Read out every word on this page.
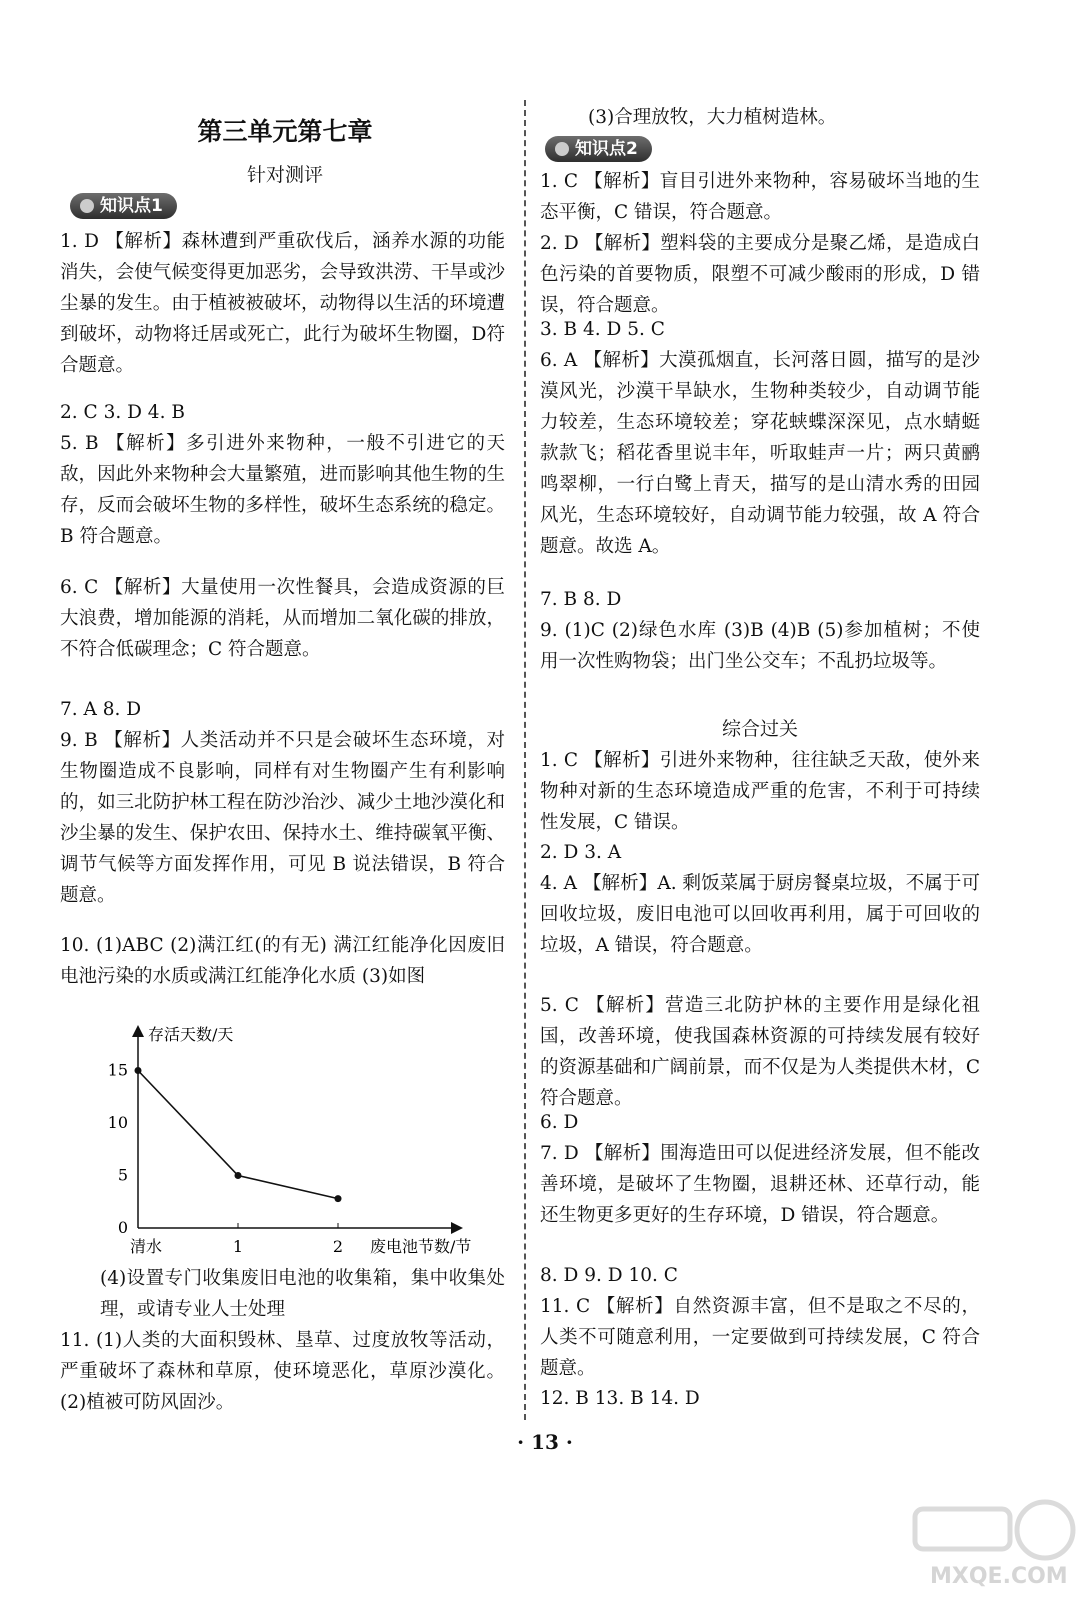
第三单元第七章
针对测评
知识点1
1. D 【解析】森林遭到严重砍伐后，涵养水源的功能消失，会使气候变得更加恶劣，会导致洪涝、干旱或沙尘暴的发生。由于植被被破坏，动物得以生活的环境遭到破坏，动物将迁居或死亡，此行为破坏生物圈，D符合题意。
2. C 3. D 4. B
5. B 【解析】多引进外来物种，一般不引进它的天敌，因此外来物种会大量繁殖，进而影响其他生物的生存，反而会破坏生物的多样性，破坏生态系统的稳定。B 符合题意。
6. C 【解析】大量使用一次性餐具，会造成资源的巨大浪费，增加能源的消耗，从而增加二氧化碳的排放，不符合低碳理念；C 符合题意。
7. A 8. D
9. B 【解析】人类活动并不只是会破坏生态环境，对生物圈造成不良影响，同样有对生物圈产生有利影响的，如三北防护林工程在防沙治沙、减少土地沙漠化和沙尘暴的发生、保护农田、保持水土、维持碳氧平衡、调节气候等方面发挥作用，可见 B 说法错误，B 符合题意。
10. (1)ABC (2)满江红(的有无) 满江红能净化因废旧电池污染的水质或满江红能净化水质 (3)如图
存活天数/天
废电池节数/节
0
5
10
15
清水	1	2
(4)设置专门收集废旧电池的收集箱，集中收集处理，或请专业人士处理
11. (1)人类的大面积毁林、垦草、过度放牧等活动，严重破坏了森林和草原，使环境恶化，草原沙漠化。 (2)植被可防风固沙。
(3)合理放牧，大力植树造林。
知识点2
1. C 【解析】盲目引进外来物种，容易破坏当地的生态平衡，C 错误，符合题意。
2. D 【解析】塑料袋的主要成分是聚乙烯，是造成白色污染的首要物质，限塑不可减少酸雨的形成，D 错误，符合题意。
3. B 4. D 5. C
6. A 【解析】大漠孤烟直，长河落日圆，描写的是沙漠风光，沙漠干旱缺水，生物种类较少，自动调节能力较差，生态环境较差；穿花蛱蝶深深见，点水蜻蜓款款飞；稻花香里说丰年，听取蛙声一片；两只黄鹂鸣翠柳，一行白鹭上青天，描写的是山清水秀的田园风光，生态环境较好，自动调节能力较强，故 A 符合题意。故选 A。
7. B 8. D
9. (1)C (2)绿色水库 (3)B (4)B (5)参加植树；不使用一次性购物袋；出门坐公交车；不乱扔垃圾等。
综合过关
1. C 【解析】引进外来物种，往往缺乏天敌，使外来物种对新的生态环境造成严重的危害，不利于可持续性发展，C 错误。
2. D 3. A
4. A 【解析】A. 剩饭菜属于厨房餐桌垃圾，不属于可回收垃圾，废旧电池可以回收再利用，属于可回收的垃圾，A 错误，符合题意。
5. C 【解析】营造三北防护林的主要作用是绿化祖国，改善环境，使我国森林资源的可持续发展有较好的资源基础和广阔前景，而不仅是为人类提供木材，C 符合题意。
6. D
7. D 【解析】围海造田可以促进经济发展，但不能改善环境，是破坏了生物圈，退耕还林、还草行动，能还生物更多更好的生存环境，D 错误，符合题意。
8. D 9. D 10. C
11. C 【解析】自然资源丰富，但不是取之不尽的，人类不可随意利用，一定要做到可持续发展，C 符合题意。
12. B 13. B 14. D
· 13 ·
MXQE.COM
